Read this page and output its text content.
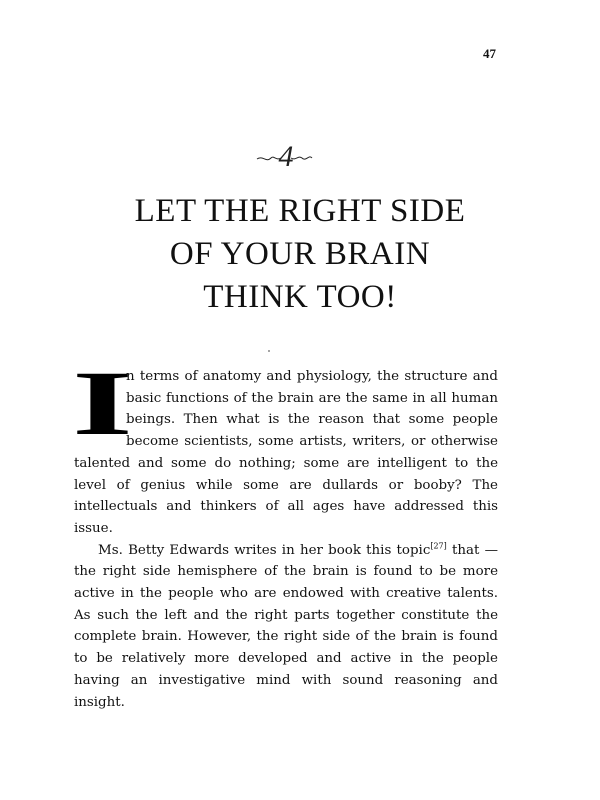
47
4
LET THE RIGHT SIDE
OF YOUR BRAIN
THINK TOO!

I
n terms of anatomy and physiology, the structure and basic functions of the brain are the same in all human beings. Then what is the reason that some people become scientists, some artists, writers, or otherwise talented and some do nothing; some are intelligent to the level of genius while some are dullards or booby? The intellectuals and thinkers of all ages have addressed this issue.

Ms. Betty Edwards writes in her book this topic[27] that — the right side hemisphere of the brain is found to be more active in the people who are endowed with creative talents. As such the left and the right parts together constitute the complete brain. However, the right side of the brain is found to be relatively more developed and active in the people having an investigative mind with sound reasoning and insight.
